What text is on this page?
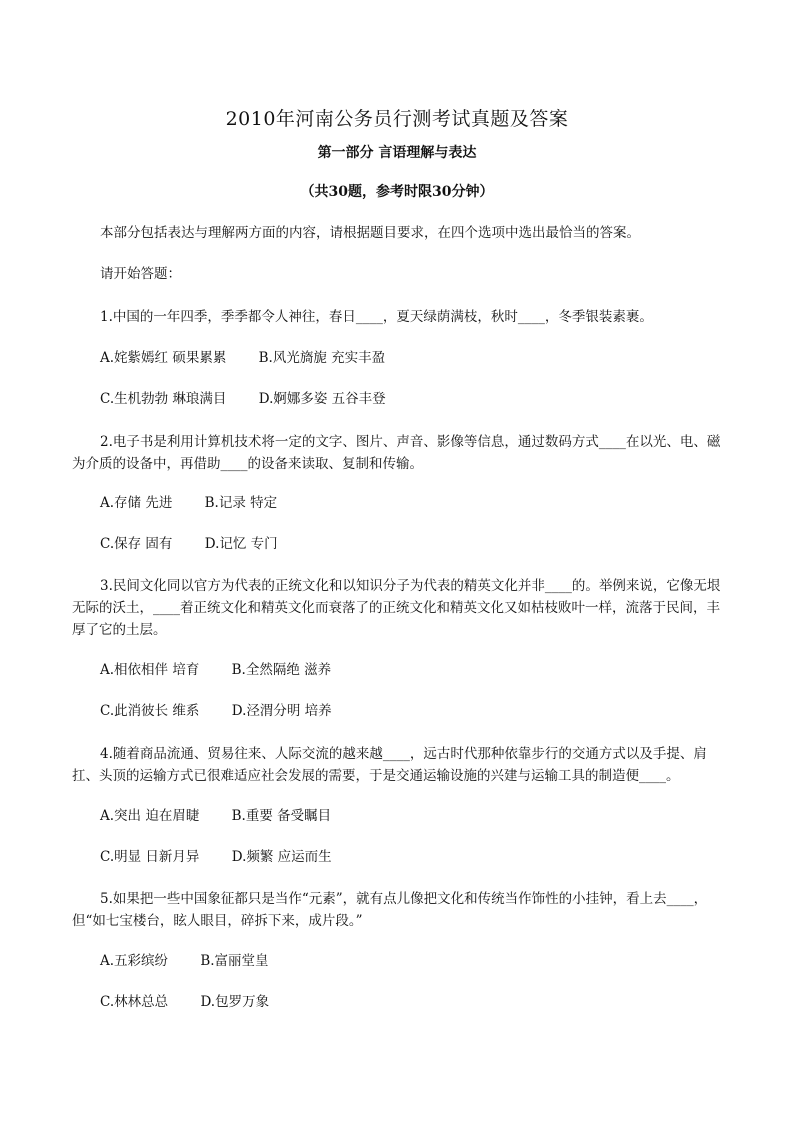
2010年河南公务员行测考试真题及答案
第一部分 言语理解与表达
（共30题，参考时限30分钟）

本部分包括表达与理解两方面的内容，请根据题目要求，在四个选项中选出最恰当的答案。

请开始答题：

1.中国的一年四季，季季都令人神往，春日____，夏天绿荫满枝，秋时____，冬季银装素裹。

A.姹紫嫣红 硕果累累 B.风光旖旎 充实丰盈
C.生机勃勃 琳琅满目 D.婀娜多姿 五谷丰登

2.电子书是利用计算机技术将一定的文字、图片、声音、影像等信息，通过数码方式____在以光、电、磁为介质的设备中，再借助____的设备来读取、复制和传输。

A.存储 先进 B.记录 特定
C.保存 固有 D.记忆 专门

3.民间文化同以官方为代表的正统文化和以知识分子为代表的精英文化并非____的。举例来说，它像无垠无际的沃土，____着正统文化和精英文化而衰落了的正统文化和精英文化又如枯枝败叶一样，流落于民间，丰厚了它的土层。

A.相依相伴 培育 B.全然隔绝 滋养
C.此消彼长 维系 D.泾渭分明 培养

4.随着商品流通、贸易往来、人际交流的越来越____，远古时代那种依靠步行的交通方式以及手提、肩扛、头顶的运输方式已很难适应社会发展的需要，于是交通运输设施的兴建与运输工具的制造便____。

A.突出 迫在眉睫 B.重要 备受瞩目
C.明显 日新月异 D.频繁 应运而生

5.如果把一些中国象征都只是当作“元素”，就有点儿像把文化和传统当作饰性的小挂钟，看上去____，但“如七宝楼台，眩人眼目，碎拆下来，成片段。”

A.五彩缤纷 B.富丽堂皇
C.林林总总 D.包罗万象
